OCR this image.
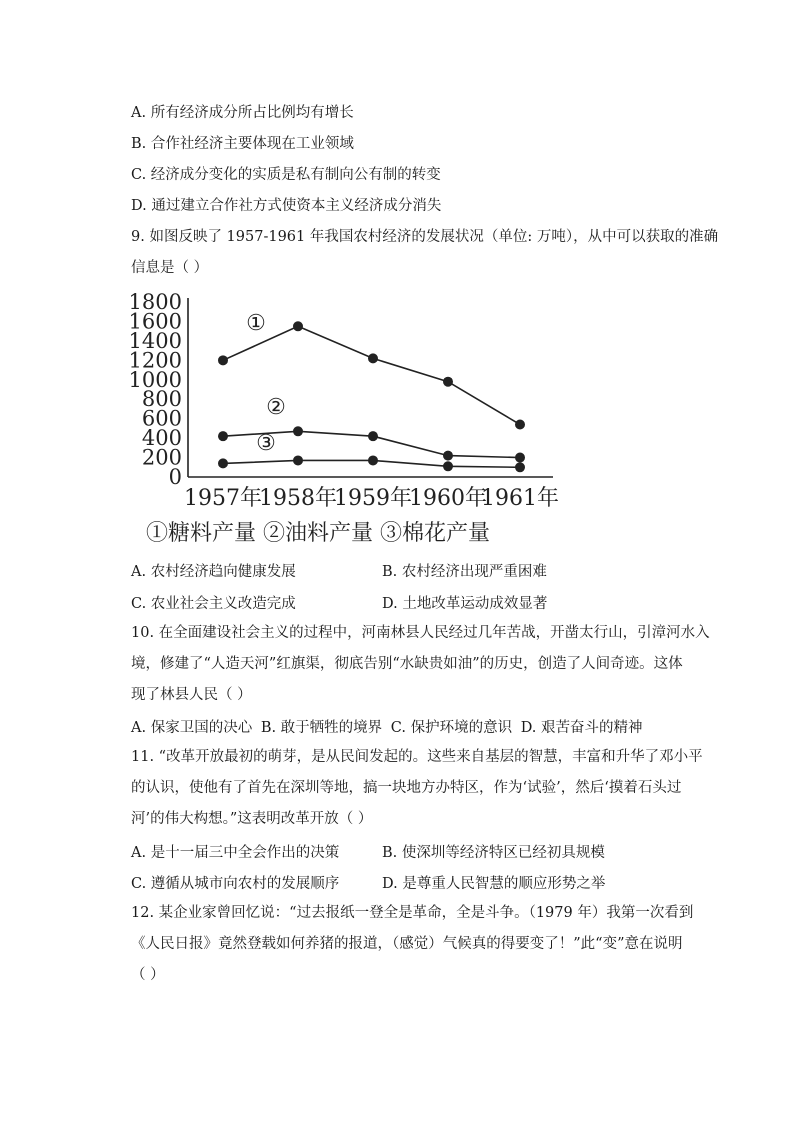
A. 所有经济成分所占比例均有增长
B. 合作社经济主要体现在工业领域
C. 经济成分变化的实质是私有制向公有制的转变
D. 通过建立合作社方式使资本主义经济成分消失
9. 如图反映了 1957-1961 年我国农村经济的发展状况（单位: 万吨），从中可以获取的准确
信息是（ ）
0
200
400
600
800
1000
1200
1400
1600
1800
1957年
1958年
1959年
1960年
1961年
①
②
③
①糖料产量 ②油料产量 ③棉花产量
A. 农村经济趋向健康发展	B. 农村经济出现严重困难
C. 农业社会主义改造完成	D. 土地改革运动成效显著
10. 在全面建设社会主义的过程中，河南林县人民经过几年苦战，开凿太行山，引漳河水入
境，修建了“人造天河”红旗渠，彻底告别“水缺贵如油”的历史，创造了人间奇迹。这体
现了林县人民（ ）
A. 保家卫国的决心 B. 敢于牺牲的境界 C. 保护环境的意识 D. 艰苦奋斗的精神
11. “改革开放最初的萌芽，是从民间发起的。这些来自基层的智慧，丰富和升华了邓小平
的认识，使他有了首先在深圳等地，搞一块地方办特区，作为‘试验’，然后‘摸着石头过
河’的伟大构想。”这表明改革开放（ ）
A. 是十一届三中全会作出的决策	B. 使深圳等经济特区已经初具规模
C. 遵循从城市向农村的发展顺序	D. 是尊重人民智慧的顺应形势之举
12. 某企业家曾回忆说：“过去报纸一登全是革命，全是斗争。（1979 年）我第一次看到
《人民日报》竟然登载如何养猪的报道，（感觉）气候真的得要变了！”此“变”意在说明
（ ）
